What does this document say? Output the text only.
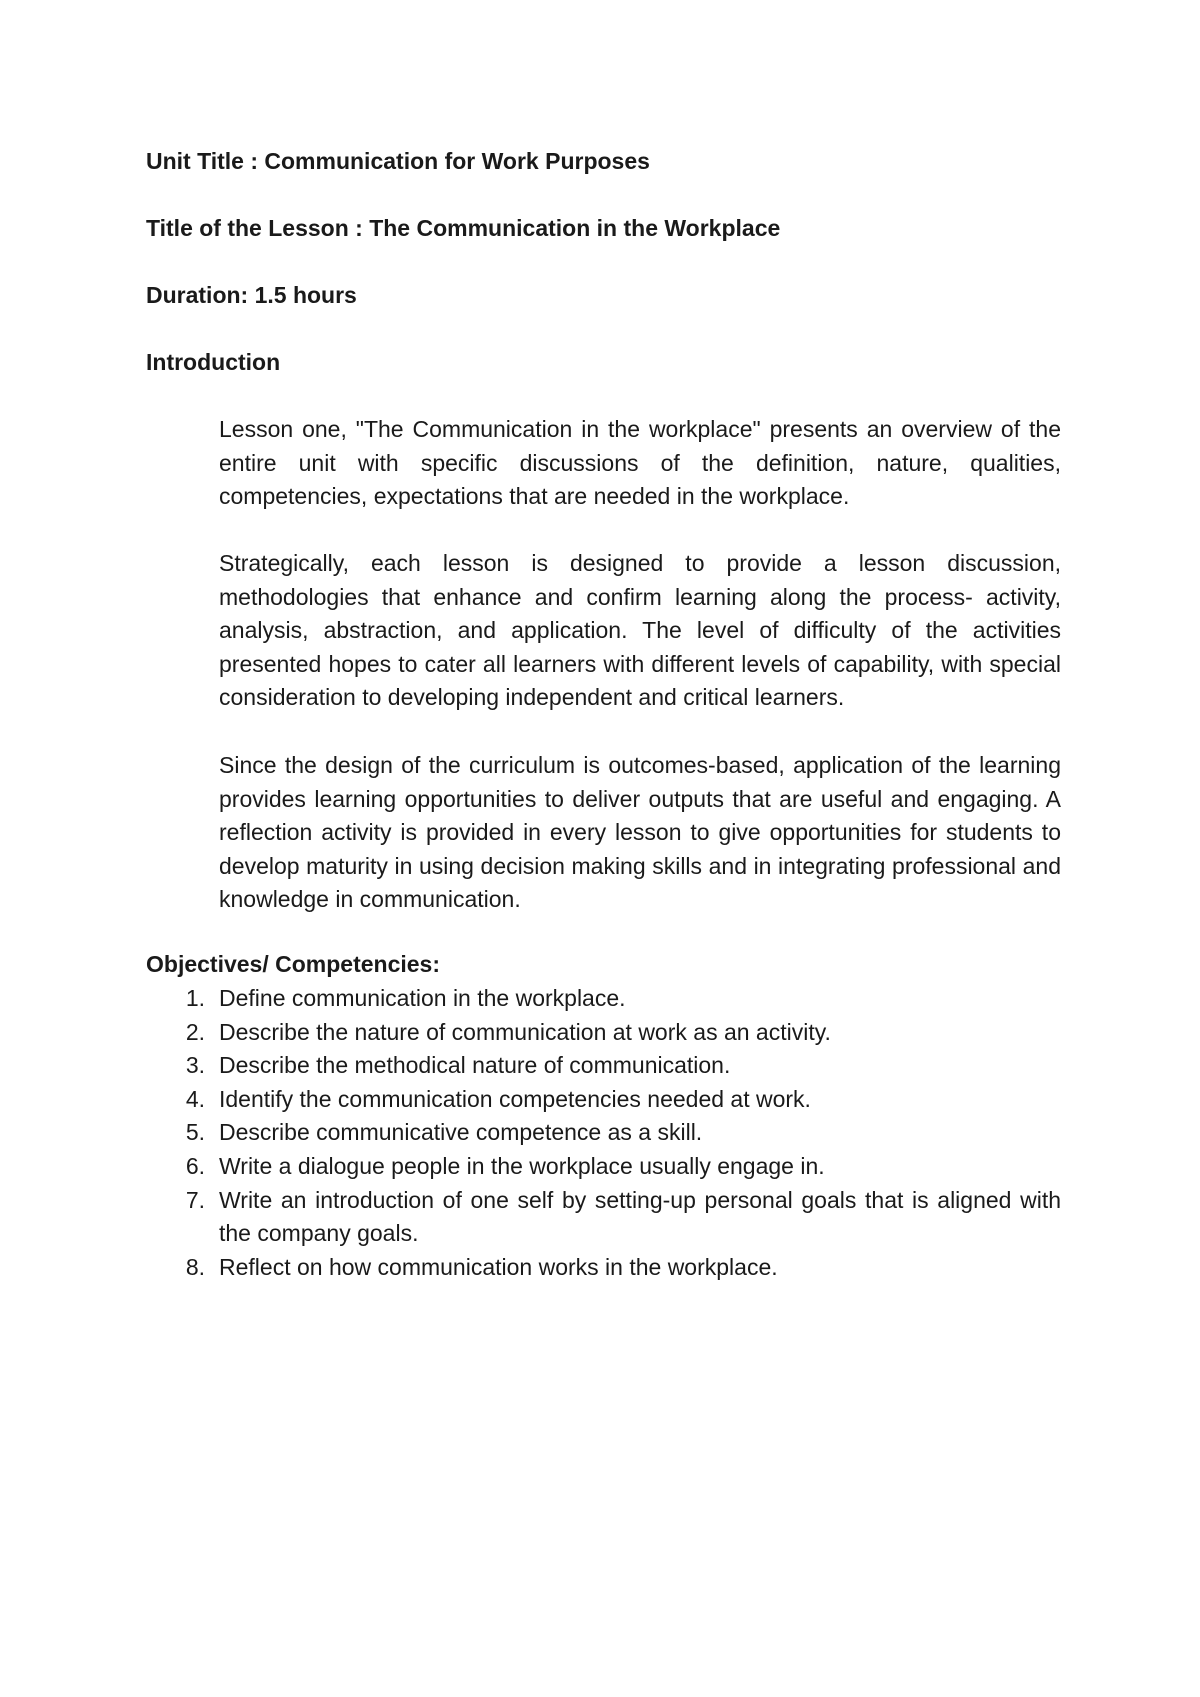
Unit Title : Communication for Work Purposes

Title of the Lesson : The Communication in the Workplace

Duration: 1.5 hours

Introduction

Lesson one, "The Communication in the workplace" presents an overview of the entire unit with specific discussions of the definition, nature, qualities, competencies, expectations that are needed in the workplace.

Strategically, each lesson is designed to provide a lesson discussion, methodologies that enhance and confirm learning along the process- activity, analysis, abstraction, and application. The level of difficulty of the activities presented hopes to cater all learners with different levels of capability, with special consideration to developing independent and critical learners.

Since the design of the curriculum is outcomes-based, application of the learning provides learning opportunities to deliver outputs that are useful and engaging. A reflection activity is provided in every lesson to give opportunities for students to develop maturity in using decision making skills and in integrating professional and knowledge in communication.

Objectives/ Competencies:

1. Define communication in the workplace.
2. Describe the nature of communication at work as an activity.
3. Describe the methodical nature of communication.
4. Identify the communication competencies needed at work.
5. Describe communicative competence as a skill.
6. Write a dialogue people in the workplace usually engage in.
7. Write an introduction of one self by setting-up personal goals that is aligned with the company goals.
8. Reflect on how communication works in the workplace.
